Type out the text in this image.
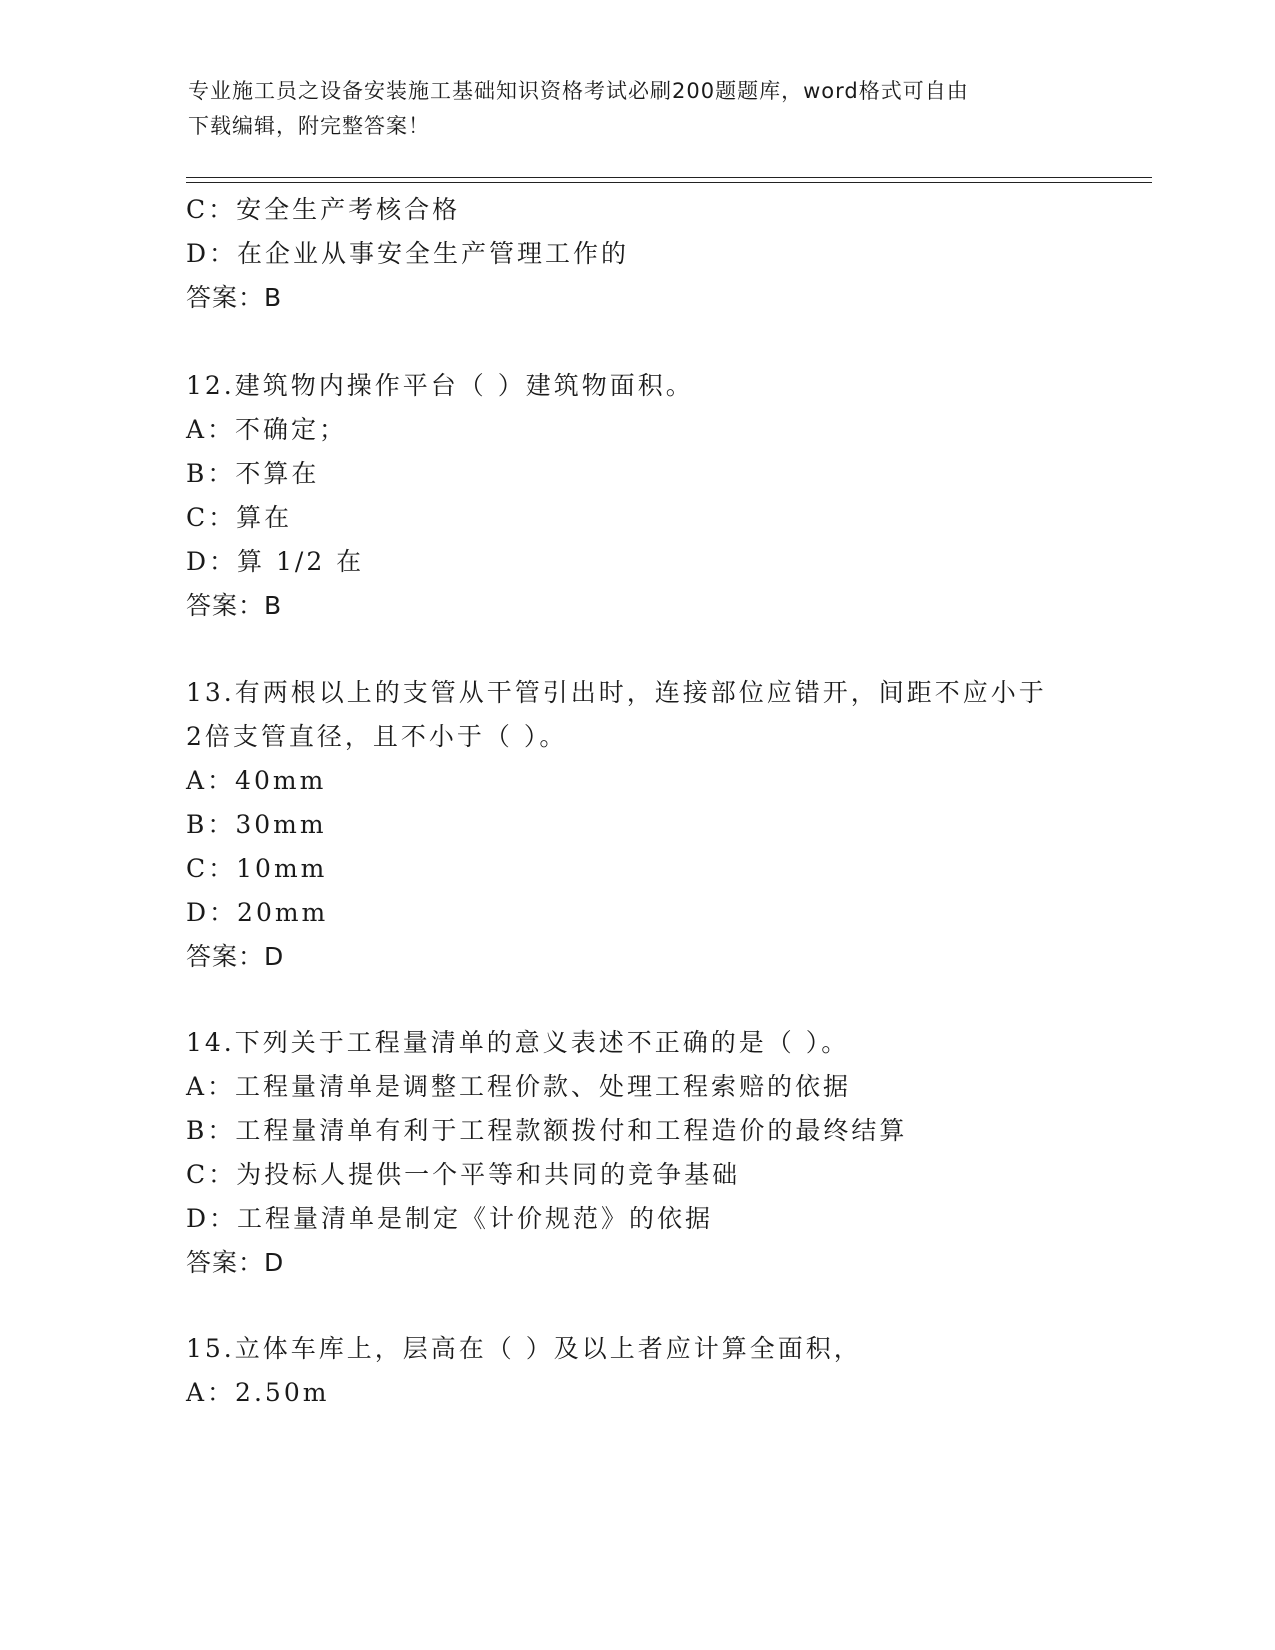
专业施工员之设备安装施工基础知识资格考试必刷200题题库，word格式可自由
下载编辑，附完整答案！
C：安全生产考核合格
D：在企业从事安全生产管理工作的
答案：B
12.建筑物内操作平台（ ）建筑物面积。
A：不确定；
B：不算在
C：算在
D：算 1/2 在
答案：B
13.有两根以上的支管从干管引出时，连接部位应错开，间距不应小于
2倍支管直径，且不小于（ ）。
A：40mm
B：30mm
C：10mm
D：20mm
答案：D
14.下列关于工程量清单的意义表述不正确的是（ ）。
A：工程量清单是调整工程价款、处理工程索赔的依据
B：工程量清单有利于工程款额拨付和工程造价的最终结算
C：为投标人提供一个平等和共同的竞争基础
D：工程量清单是制定《计价规范》的依据
答案：D
15.立体车库上，层高在（ ）及以上者应计算全面积，
A：2.50m
